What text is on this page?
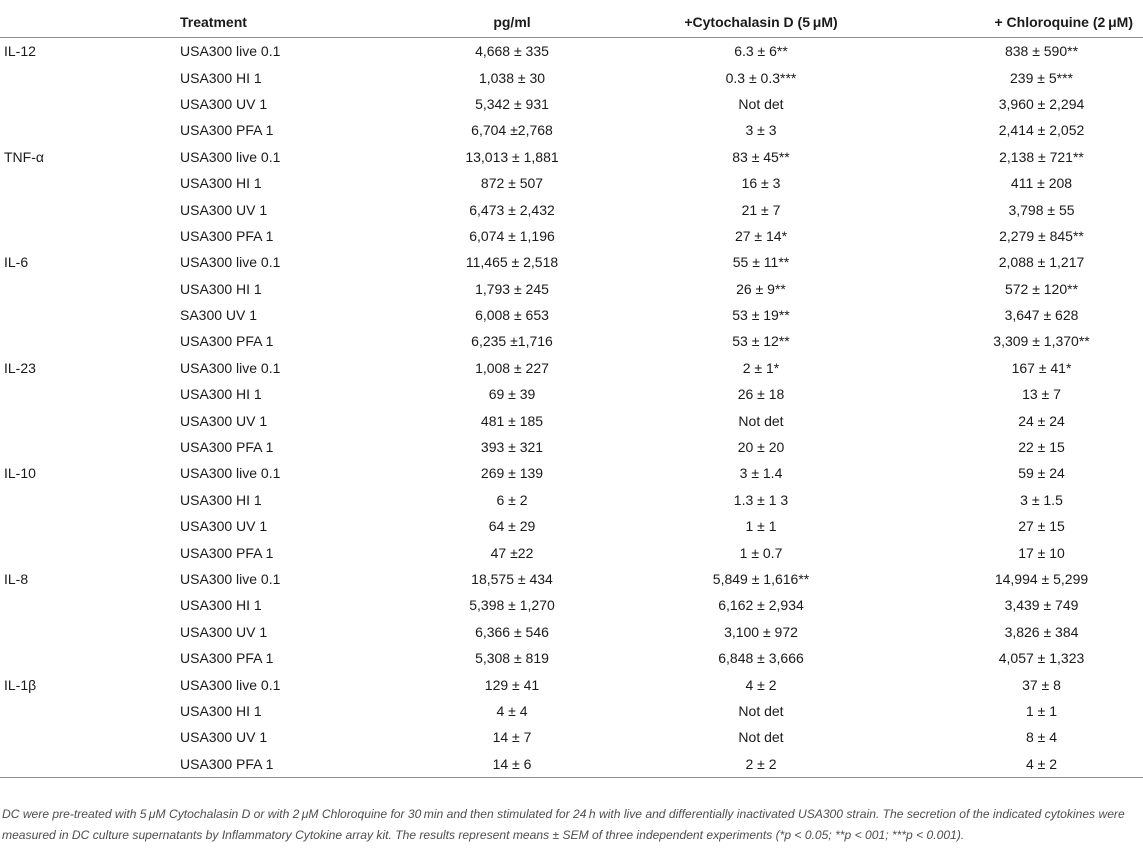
	Treatment	pg/ml	+Cytochalasin D (5 μM)	+ Chloroquine (2 μM)
IL-12	USA300 live 0.1	4,668 ± 335	6.3 ± 6**	838 ± 590**
	USA300 HI 1	1,038 ± 30	0.3 ± 0.3***	239 ± 5***
	USA300 UV 1	5,342 ± 931	Not det	3,960 ± 2,294
	USA300 PFA 1	6,704 ±2,768	3 ± 3	2,414 ± 2,052
TNF-α	USA300 live 0.1	13,013 ± 1,881	83 ± 45**	2,138 ± 721**
	USA300 HI 1	872 ± 507	16 ± 3	411 ± 208
	USA300 UV 1	6,473 ± 2,432	21 ± 7	3,798 ± 55
	USA300 PFA 1	6,074 ± 1,196	27 ± 14*	2,279 ± 845**
IL-6	USA300 live 0.1	11,465 ± 2,518	55 ± 11**	2,088 ± 1,217
	USA300 HI 1	1,793 ± 245	26 ± 9**	572 ± 120**
	SA300 UV 1	6,008 ± 653	53 ± 19**	3,647 ± 628
	USA300 PFA 1	6,235 ±1,716	53 ± 12**	3,309 ± 1,370**
IL-23	USA300 live 0.1	1,008 ± 227	2 ± 1*	167 ± 41*
	USA300 HI 1	69 ± 39	26 ± 18	13 ± 7
	USA300 UV 1	481 ± 185	Not det	24 ± 24
	USA300 PFA 1	393 ± 321	20 ± 20	22 ± 15
IL-10	USA300 live 0.1	269 ± 139	3 ± 1.4	59 ± 24
	USA300 HI 1	6 ± 2	1.3 ± 1 3	3 ± 1.5
	USA300 UV 1	64 ± 29	1 ± 1	27 ± 15
	USA300 PFA 1	47 ±22	1 ± 0.7	17 ± 10
IL-8	USA300 live 0.1	18,575 ± 434	5,849 ± 1,616**	14,994 ± 5,299
	USA300 HI 1	5,398 ± 1,270	6,162 ± 2,934	3,439 ± 749
	USA300 UV 1	6,366 ± 546	3,100 ± 972	3,826 ± 384
	USA300 PFA 1	5,308 ± 819	6,848 ± 3,666	4,057 ± 1,323
IL-1β	USA300 live 0.1	129 ± 41	4 ± 2	37 ± 8
	USA300 HI 1	4 ± 4	Not det	1 ± 1
	USA300 UV 1	14 ± 7	Not det	8 ± 4
	USA300 PFA 1	14 ± 6	2 ± 2	4 ± 2
DC were pre-treated with 5 μM Cytochalasin D or with 2 μM Chloroquine for 30 min and then stimulated for 24 h with live and differentially inactivated USA300 strain. The secretion of the indicated cytokines were measured in DC culture supernatants by Inflammatory Cytokine array kit. The results represent means ± SEM of three independent experiments (*p < 0.05; **p < 001; ***p < 0.001).
